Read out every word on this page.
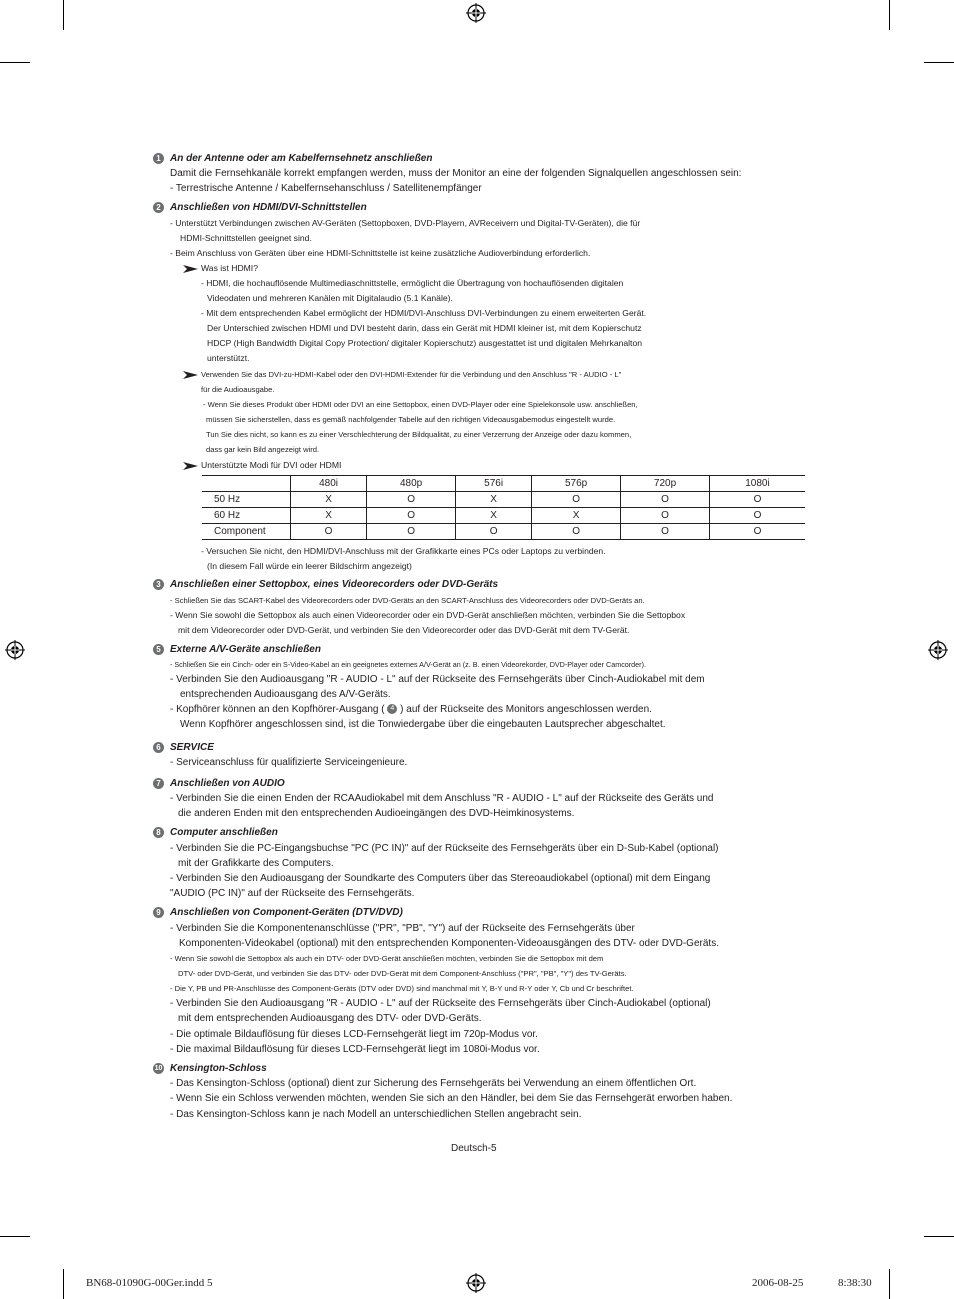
1 An der Antenne oder am Kabelfernsehnetz anschließen
Damit die Fernsehkanäle korrekt empfangen werden, muss der Monitor an eine der folgenden Signalquellen angeschlossen sein:
- Terrestrische Antenne / Kabelfernsehanschluss / Satellitenempfänger
2 Anschließen von HDMI/DVI-Schnittstellen
- Unterstützt Verbindungen zwischen AV-Geräten (Settopboxen, DVD-Playern, AVReceivern und Digital-TV-Geräten), die für
HDMI-Schnittstellen geeignet sind.
- Beim Anschluss von Geräten über eine HDMI-Schnittstelle ist keine zusätzliche Audioverbindung erforderlich.
Was ist HDMI?
- HDMI, die hochauflösende Multimediaschnittstelle, ermöglicht die Übertragung von hochauflösenden digitalen
Videodaten und mehreren Kanälen mit Digitalaudio (5.1 Kanäle).
- Mit dem entsprechenden Kabel ermöglicht der HDMI/DVI-Anschluss DVI-Verbindungen zu einem erweiterten Gerät.
Der Unterschied zwischen HDMI und DVI besteht darin, dass ein Gerät mit HDMI kleiner ist, mit dem Kopierschutz
HDCP (High Bandwidth Digital Copy Protection/ digitaler Kopierschutz) ausgestattet ist und digitalen Mehrkanalton
unterstützt.
Verwenden Sie das DVI-zu-HDMI-Kabel oder den DVI-HDMI-Extender für die Verbindung und den Anschluss "R - AUDIO - L"
für die Audioausgabe.
- Wenn Sie dieses Produkt über HDMI oder DVI an eine Settopbox, einen DVD-Player oder eine Spielekonsole usw. anschließen,
müssen Sie sicherstellen, dass es gemäß nachfolgender Tabelle auf den richtigen Videoausgabemodus eingestellt wurde.
Tun Sie dies nicht, so kann es zu einer Verschlechterung der Bildqualität, zu einer Verzerrung der Anzeige oder dazu kommen,
dass gar kein Bild angezeigt wird.
Unterstützte Modi für DVI oder HDMI
	480i	480p	576i	576p	720p	1080i
50 Hz	X	O	X	O	O	O
60 Hz	X	O	X	X	O	O
Component	O	O	O	O	O	O
- Versuchen Sie nicht, den HDMI/DVI-Anschluss mit der Grafikkarte eines PCs oder Laptops zu verbinden.
(In diesem Fall würde ein leerer Bildschirm angezeigt)
3 Anschließen einer Settopbox, eines Videorecorders oder DVD-Geräts
- Schließen Sie das SCART-Kabel des Videorecorders oder DVD-Geräts an den SCART-Anschluss des Videorecorders oder DVD-Geräts an.
- Wenn Sie sowohl die Settopbox als auch einen Videorecorder oder ein DVD-Gerät anschließen möchten, verbinden Sie die Settopbox
mit dem Videorecorder oder DVD-Gerät, und verbinden Sie den Videorecorder oder das DVD-Gerät mit dem TV-Gerät.
5 Externe A/V-Geräte anschließen
- Schließen Sie ein Cinch- oder ein S-Video-Kabel an ein geeignetes externes A/V-Gerät an (z. B. einen Videorekorder, DVD-Player oder Camcorder).
- Verbinden Sie den Audioausgang "R - AUDIO - L" auf der Rückseite des Fernsehgeräts über Cinch-Audiokabel mit dem
entsprechenden Audioausgang des A/V-Geräts.
- Kopfhörer können an den Kopfhörer-Ausgang ( 4 ) auf der Rückseite des Monitors angeschlossen werden.
Wenn Kopfhörer angeschlossen sind, ist die Tonwiedergabe über die eingebauten Lautsprecher abgeschaltet.
6 SERVICE
- Serviceanschluss für qualifizierte Serviceingenieure.
7 Anschließen von AUDIO
- Verbinden Sie die einen Enden der RCAAudiokabel mit dem Anschluss "R - AUDIO - L" auf der Rückseite des Geräts und
die anderen Enden mit den entsprechenden Audioeingängen des DVD-Heimkinosystems.
8 Computer anschließen
- Verbinden Sie die PC-Eingangsbuchse "PC (PC IN)" auf der Rückseite des Fernsehgeräts über ein D-Sub-Kabel (optional)
mit der Grafikkarte des Computers.
- Verbinden Sie den Audioausgang der Soundkarte des Computers über das Stereoaudiokabel (optional) mit dem Eingang
"AUDIO (PC IN)" auf der Rückseite des Fernsehgeräts.
9 Anschließen von Component-Geräten (DTV/DVD)
- Verbinden Sie die Komponentenanschlüsse ("PR", "PB", "Y") auf der Rückseite des Fernsehgeräts über
Komponenten-Videokabel (optional) mit den entsprechenden Komponenten-Videoausgängen des DTV- oder DVD-Geräts.
- Wenn Sie sowohl die Settopbox als auch ein DTV- oder DVD-Gerät anschließen möchten, verbinden Sie die Settopbox mit dem
DTV- oder DVD-Gerät, und verbinden Sie das DTV- oder DVD-Gerät mit dem Component-Anschluss ("PR", "PB", "Y") des TV-Geräts.
- Die Y, PB und PR-Anschlüsse des Component-Geräts (DTV oder DVD) sind manchmal mit Y, B-Y und R-Y oder Y, Cb und Cr beschriftet.
- Verbinden Sie den Audioausgang "R - AUDIO - L" auf der Rückseite des Fernsehgeräts über Cinch-Audiokabel (optional)
mit dem entsprechenden Audioausgang des DTV- oder DVD-Geräts.
- Die optimale Bildauflösung für dieses LCD-Fernsehgerät liegt im 720p-Modus vor.
- Die maximal Bildauflösung für dieses LCD-Fernsehgerät liegt im 1080i-Modus vor.
10 Kensington-Schloss
- Das Kensington-Schloss (optional) dient zur Sicherung des Fernsehgeräts bei Verwendung an einem öffentlichen Ort.
- Wenn Sie ein Schloss verwenden möchten, wenden Sie sich an den Händler, bei dem Sie das Fernsehgerät erworben haben.
- Das Kensington-Schloss kann je nach Modell an unterschiedlichen Stellen angebracht sein.
Deutsch-5
BN68-01090G-00Ger.indd 5	2006-08-25	8:38:30
